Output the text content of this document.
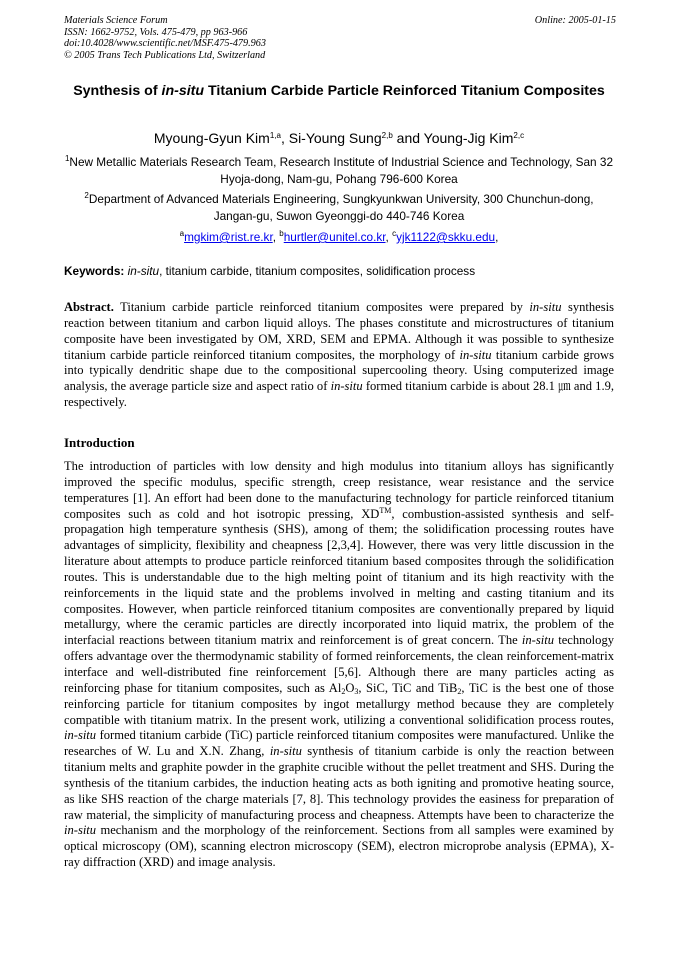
Materials Science Forum
ISSN: 1662-9752, Vols. 475-479, pp 963-966
doi:10.4028/www.scientific.net/MSF.475-479.963
© 2005 Trans Tech Publications Ltd, Switzerland
Online: 2005-01-15
Synthesis of in-situ Titanium Carbide Particle Reinforced Titanium Composites
Myoung-Gyun Kim$^{1,a}$, Si-Young Sung$^{2,b}$ and Young-Jig Kim$^{2,c}$
$^1$New Metallic Materials Research Team, Research Institute of Industrial Science and Technology, San 32 Hyoja-dong, Nam-gu, Pohang 796-600 Korea
$^2$Department of Advanced Materials Engineering, Sungkyunkwan University, 300 Chunchun-dong, Jangan-gu, Suwon Gyeonggi-do 440-746 Korea
$^a$mgkim@rist.re.kr, $^b$hurtler@unitel.co.kr, $^c$yjk1122@skku.edu,
Keywords: in-situ, titanium carbide, titanium composites, solidification process
Abstract. Titanium carbide particle reinforced titanium composites were prepared by in-situ synthesis reaction between titanium and carbon liquid alloys. The phases constitute and microstructures of titanium composite have been investigated by OM, XRD, SEM and EPMA. Although it was possible to synthesize titanium carbide particle reinforced titanium composites, the morphology of in-situ titanium carbide grows into typically dendritic shape due to the compositional supercooling theory. Using computerized image analysis, the average particle size and aspect ratio of in-situ formed titanium carbide is about 28.1 ㎛ and 1.9, respectively.
Introduction
The introduction of particles with low density and high modulus into titanium alloys has significantly improved the specific modulus, specific strength, creep resistance, wear resistance and the service temperatures [1]. An effort had been done to the manufacturing technology for particle reinforced titanium composites such as cold and hot isotropic pressing, XD™, combustion-assisted synthesis and self-propagation high temperature synthesis (SHS), among of them; the solidification processing routes have advantages of simplicity, flexibility and cheapness [2,3,4]. However, there was very little discussion in the literature about attempts to produce particle reinforced titanium based composites through the solidification routes. This is understandable due to the high melting point of titanium and its high reactivity with the reinforcements in the liquid state and the problems involved in melting and casting titanium and its composites. However, when particle reinforced titanium composites are conventionally prepared by liquid metallurgy, where the ceramic particles are directly incorporated into liquid matrix, the problem of the interfacial reactions between titanium matrix and reinforcement is of great concern. The in-situ technology offers advantage over the thermodynamic stability of formed reinforcements, the clean reinforcement-matrix interface and well-distributed fine reinforcement [5,6]. Although there are many particles acting as reinforcing phase for titanium composites, such as $Al_2O_3$, SiC, TiC and TiB$_2$, TiC is the best one of those reinforcing particle for titanium composites by ingot metallurgy method because they are completely compatible with titanium matrix. In the present work, utilizing a conventional solidification process routes, in-situ formed titanium carbide (TiC) particle reinforced titanium composites were manufactured. Unlike the researches of W. Lu and X.N. Zhang, in-situ synthesis of titanium carbide is only the reaction between titanium melts and graphite powder in the graphite crucible without the pellet treatment and SHS. During the synthesis of the titanium carbides, the induction heating acts as both igniting and promotive heating source, as like SHS reaction of the charge materials [7, 8]. This technology provides the easiness for preparation of raw material, the simplicity of manufacturing process and cheapness. Attempts have been to characterize the in-situ mechanism and the morphology of the reinforcement. Sections from all samples were examined by optical microscopy (OM), scanning electron microscopy (SEM), electron microprobe analysis (EPMA), X-ray diffraction (XRD) and image analysis.
